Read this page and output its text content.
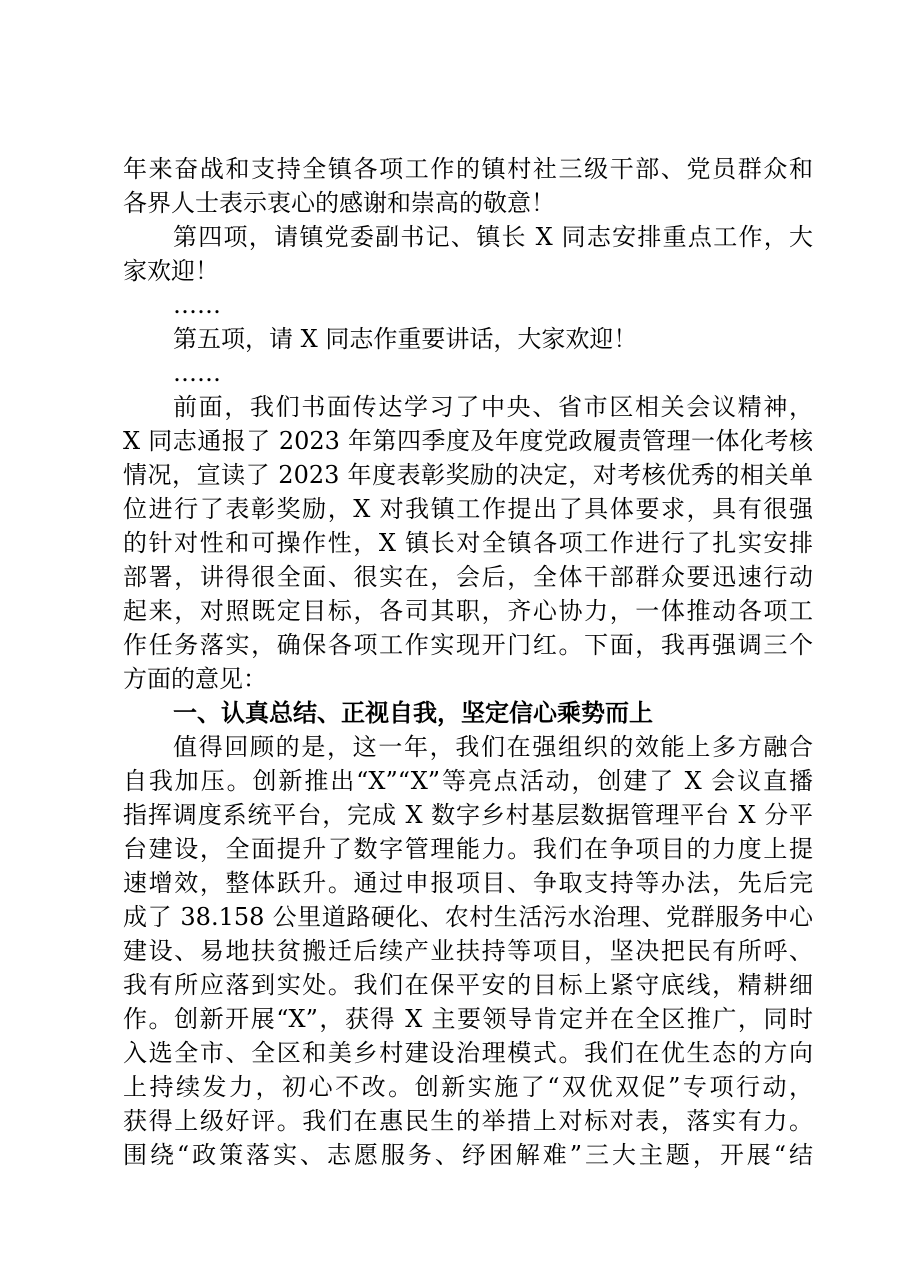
年来奋战和支持全镇各项工作的镇村社三级干部、党员群众和
各界人士表示衷心的感谢和崇高的敬意！
第四项，请镇党委副书记、镇长 X 同志安排重点工作，大
家欢迎！
……
第五项，请 X 同志作重要讲话，大家欢迎！
……
前面，我们书面传达学习了中央、省市区相关会议精神，
X 同志通报了 2023 年第四季度及年度党政履责管理一体化考核
情况，宣读了 2023 年度表彰奖励的决定，对考核优秀的相关单
位进行了表彰奖励，X 对我镇工作提出了具体要求，具有很强
的针对性和可操作性，X 镇长对全镇各项工作进行了扎实安排
部署，讲得很全面、很实在，会后，全体干部群众要迅速行动
起来，对照既定目标，各司其职，齐心协力，一体推动各项工
作任务落实，确保各项工作实现开门红。下面，我再强调三个
方面的意见：
一、认真总结、正视自我，坚定信心乘势而上
值得回顾的是，这一年，我们在强组织的效能上多方融合
自我加压。创新推出“X”“X”等亮点活动，创建了 X 会议直播
指挥调度系统平台，完成 X 数字乡村基层数据管理平台 X 分平
台建设，全面提升了数字管理能力。我们在争项目的力度上提
速增效，整体跃升。通过申报项目、争取支持等办法，先后完
成了 38.158 公里道路硬化、农村生活污水治理、党群服务中心
建设、易地扶贫搬迁后续产业扶持等项目，坚决把民有所呼、
我有所应落到实处。我们在保平安的目标上紧守底线，精耕细
作。创新开展“X”，获得 X 主要领导肯定并在全区推广，同时
入选全市、全区和美乡村建设治理模式。我们在优生态的方向
上持续发力，初心不改。创新实施了“双优双促”专项行动，
获得上级好评。我们在惠民生的举措上对标对表，落实有力。
围绕“政策落实、志愿服务、纾困解难”三大主题，开展“结
